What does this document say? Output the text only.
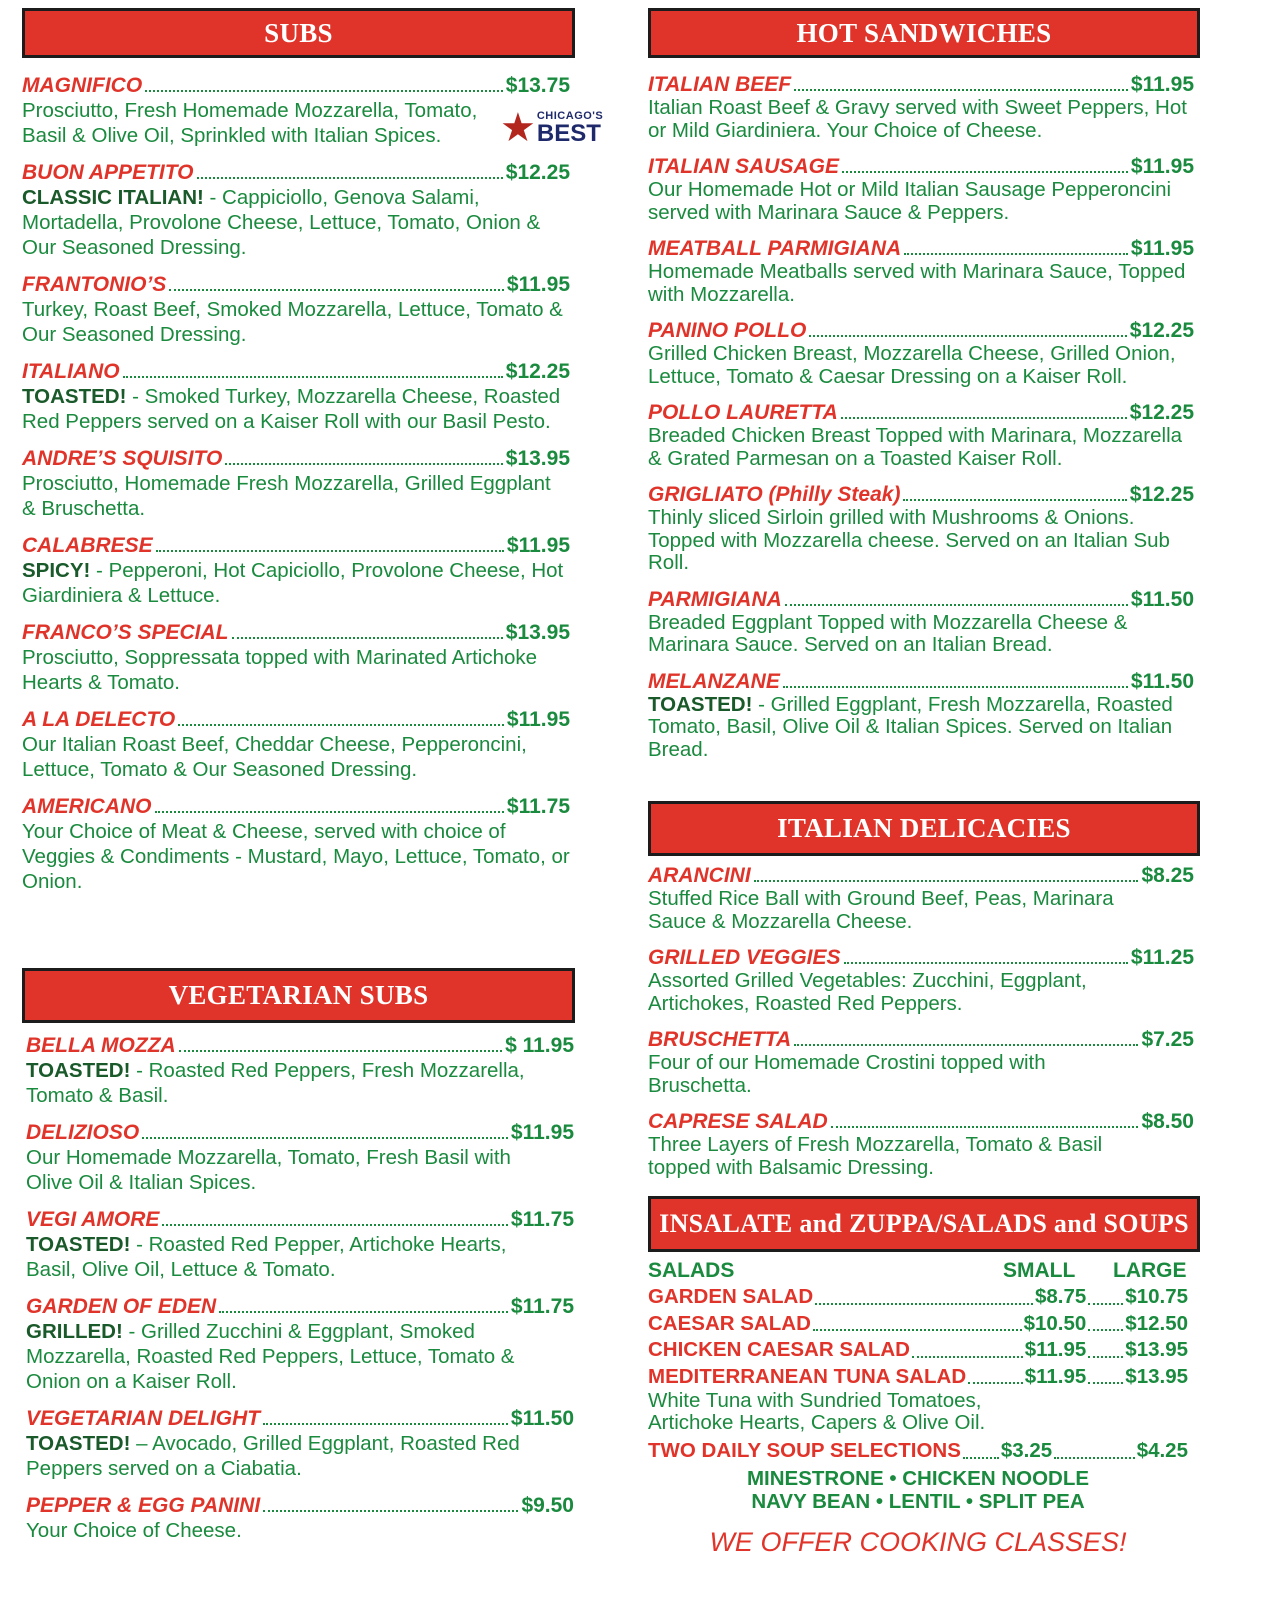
SUBS
MAGNIFICO	$13.75
Prosciutto, Fresh Homemade Mozzarella, Tomato, Basil & Olive Oil, Sprinkled with Italian Spices.
BUON APPETITO	$12.25
CLASSIC ITALIAN! - Cappiciollo, Genova Salami, Mortadella, Provolone Cheese, Lettuce, Tomato, Onion & Our Seasoned Dressing.
FRANTONIO’S	$11.95
Turkey, Roast Beef, Smoked Mozzarella, Lettuce, Tomato & Our Seasoned Dressing.
ITALIANO	$12.25
TOASTED! - Smoked Turkey, Mozzarella Cheese, Roasted Red Peppers served on a Kaiser Roll with our Basil Pesto.
ANDRE’S SQUISITO	$13.95
Prosciutto, Homemade Fresh Mozzarella, Grilled Eggplant & Bruschetta.
CALABRESE	$11.95
SPICY! - Pepperoni, Hot Capiciollo, Provolone Cheese, Hot Giardiniera & Lettuce.
FRANCO’S SPECIAL	$13.95
Prosciutto, Soppressata topped with Marinated Artichoke Hearts & Tomato.
A LA DELECTO	$11.95
Our Italian Roast Beef, Cheddar Cheese, Pepperoncini, Lettuce, Tomato & Our Seasoned Dressing.
AMERICANO	$11.75
Your Choice of Meat & Cheese, served with choice of Veggies & Condiments - Mustard, Mayo, Lettuce, Tomato, or Onion.
★ CHICAGO'S
BEST
VEGETARIAN SUBS
BELLA MOZZA	$ 11.95
TOASTED! - Roasted Red Peppers, Fresh Mozzarella, Tomato & Basil.
DELIZIOSO	$11.95
Our Homemade Mozzarella, Tomato, Fresh Basil with Olive Oil & Italian Spices.
VEGI AMORE	$11.75
TOASTED! - Roasted Red Pepper, Artichoke Hearts, Basil, Olive Oil, Lettuce & Tomato.
GARDEN OF EDEN	$11.75
GRILLED! - Grilled Zucchini & Eggplant, Smoked Mozzarella, Roasted Red Peppers, Lettuce, Tomato & Onion on a Kaiser Roll.
VEGETARIAN DELIGHT	$11.50
TOASTED! – Avocado, Grilled Eggplant, Roasted Red Peppers served on a Ciabatia.
PEPPER & EGG PANINI	$9.50
Your Choice of Cheese.
HOT SANDWICHES
ITALIAN BEEF	$11.95
Italian Roast Beef & Gravy served with Sweet Peppers, Hot or Mild Giardiniera. Your Choice of Cheese.
ITALIAN SAUSAGE	$11.95
Our Homemade Hot or Mild Italian Sausage Pepperoncini served with Marinara Sauce & Peppers.
MEATBALL PARMIGIANA	$11.95
Homemade Meatballs served with Marinara Sauce, Topped with Mozzarella.
PANINO POLLO	$12.25
Grilled Chicken Breast, Mozzarella Cheese, Grilled Onion, Lettuce, Tomato & Caesar Dressing on a Kaiser Roll.
POLLO LAURETTA	$12.25
Breaded Chicken Breast Topped with Marinara, Mozzarella & Grated Parmesan on a Toasted Kaiser Roll.
GRIGLIATO (Philly Steak)	$12.25
Thinly sliced Sirloin grilled with Mushrooms & Onions. Topped with Mozzarella cheese. Served on an Italian Sub Roll.
PARMIGIANA	$11.50
Breaded Eggplant Topped with Mozzarella Cheese & Marinara Sauce. Served on an Italian Bread.
MELANZANE	$11.50
TOASTED! - Grilled Eggplant, Fresh Mozzarella, Roasted Tomato, Basil, Olive Oil & Italian Spices. Served on Italian Bread.
ITALIAN DELICACIES
ARANCINI	$8.25
Stuffed Rice Ball with Ground Beef, Peas, Marinara Sauce & Mozzarella Cheese.
GRILLED VEGGIES	$11.25
Assorted Grilled Vegetables: Zucchini, Eggplant, Artichokes, Roasted Red Peppers.
BRUSCHETTA	$7.25
Four of our Homemade Crostini topped with Bruschetta.
CAPRESE SALAD	$8.50
Three Layers of Fresh Mozzarella, Tomato & Basil topped with Balsamic Dressing.
INSALATE and ZUPPA/SALADS and SOUPS
SALADS	SMALL	LARGE
GARDEN SALAD	$8.75 $10.75
CAESAR SALAD	$10.50 $12.50
CHICKEN CAESAR SALAD	$11.95 $13.95
MEDITERRANEAN TUNA SALAD	$11.95 $13.95
White Tuna with Sundried Tomatoes, Artichoke Hearts, Capers & Olive Oil.
TWO DAILY SOUP SELECTIONS $3.25	$4.25
MINESTRONE • CHICKEN NOODLE
NAVY BEAN • LENTIL • SPLIT PEA
WE OFFER COOKING CLASSES!
